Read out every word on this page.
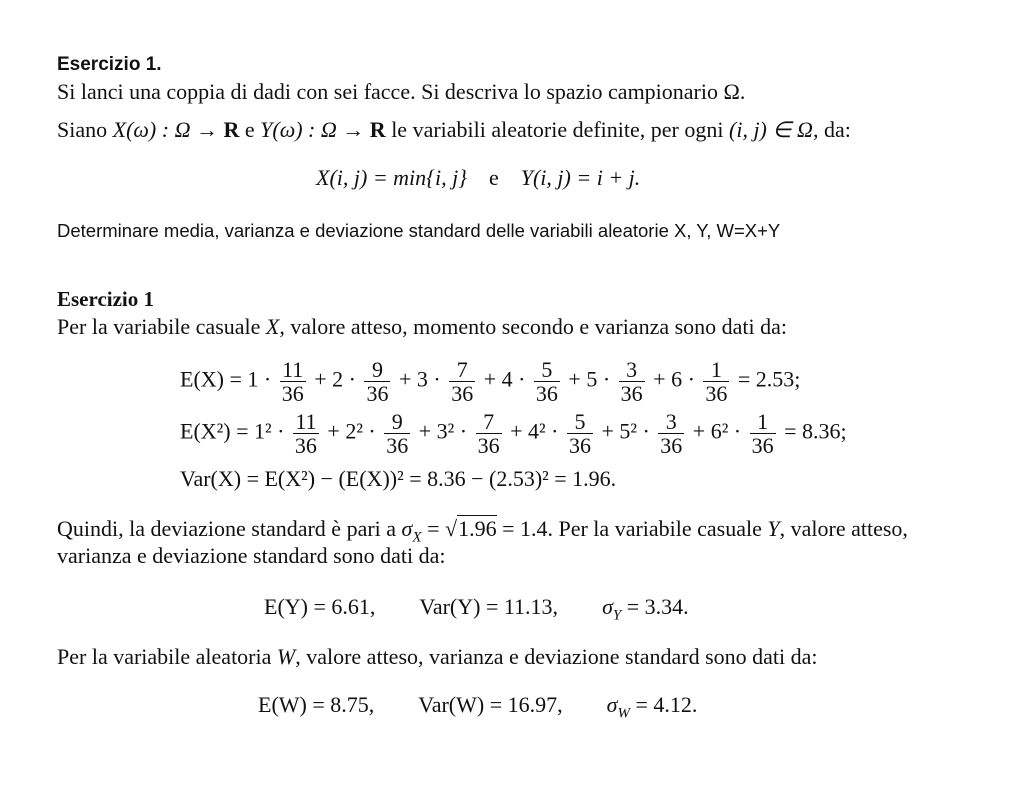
Esercizio 1.
Si lanci una coppia di dadi con sei facce. Si descriva lo spazio campionario Ω.
Siano X(ω) : Ω → R e Y(ω) : Ω → R le variabili aleatorie definite, per ogni (i, j) ∈ Ω, da:
X(i, j) = min{i, j} e Y(i, j) = i + j.
Determinare media, varianza e deviazione standard delle variabili aleatorie X, Y, W=X+Y
Esercizio 1
Per la variabile casuale X, valore atteso, momento secondo e varianza sono dati da:
$E(X) = 1 \cdot \frac{11}{36} + 2 \cdot \frac{9}{36} + 3 \cdot \frac{7}{36} + 4 \cdot \frac{5}{36} + 5 \cdot \frac{3}{36} + 6 \cdot \frac{1}{36} = 2.53$;
$E(X^2) = 1^2 \cdot \frac{11}{36} + 2^2 \cdot \frac{9}{36} + 3^2 \cdot \frac{7}{36} + 4^2 \cdot \frac{5}{36} + 5^2 \cdot \frac{3}{36} + 6^2 \cdot \frac{1}{36} = 8.36$;
Var(X) = E(X²) − (E(X))² = 8.36 − (2.53)² = 1.96.
Quindi, la deviazione standard è pari a $\sigma_X = √1.96 = 1.4$. Per la variabile casuale Y, valore atteso,
varianza e deviazione standard sono dati da:
E(Y) = 6.61, Var(Y) = 11.13, $\sigma_Y = 3.34$.
Per la variabile aleatoria W, valore atteso, varianza e deviazione standard sono dati da:
E(W) = 8.75, Var(W) = 16.97, $\sigma_W = 4.12$.
